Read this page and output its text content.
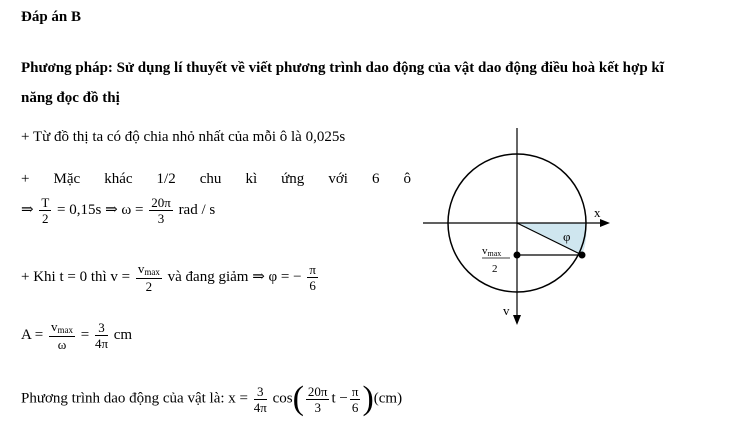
Đáp án B
Phương pháp: Sử dụng lí thuyết về viết phương trình dao động của vật dao động điều hoà kết hợp kĩ
năng đọc đồ thị
+ Từ đồ thị ta có độ chia nhỏ nhất của mỗi ô là 0,025s
+ Mặc khác 1/2 chu kì ứng với 6 ô
⇒ $\frac{T}{2} = 0,15s$ ⇒ $\omega = \frac{20\pi}{3}$ rad / s
+ Khi t = 0 thì $v = \frac{v_{max}}{2}$ và đang giảm ⇒ φ = − $\frac{\pi}{6}$
$A = \frac{v_{max}}{\omega} = \frac{3}{4\pi}$ cm
Phương trình dao động của vật là: $x = \frac{3}{4\pi} \cos( \frac{20\pi}{3}$ $t - \frac{\pi}{6} )(cm)$
x
v
φ
vmax
2
